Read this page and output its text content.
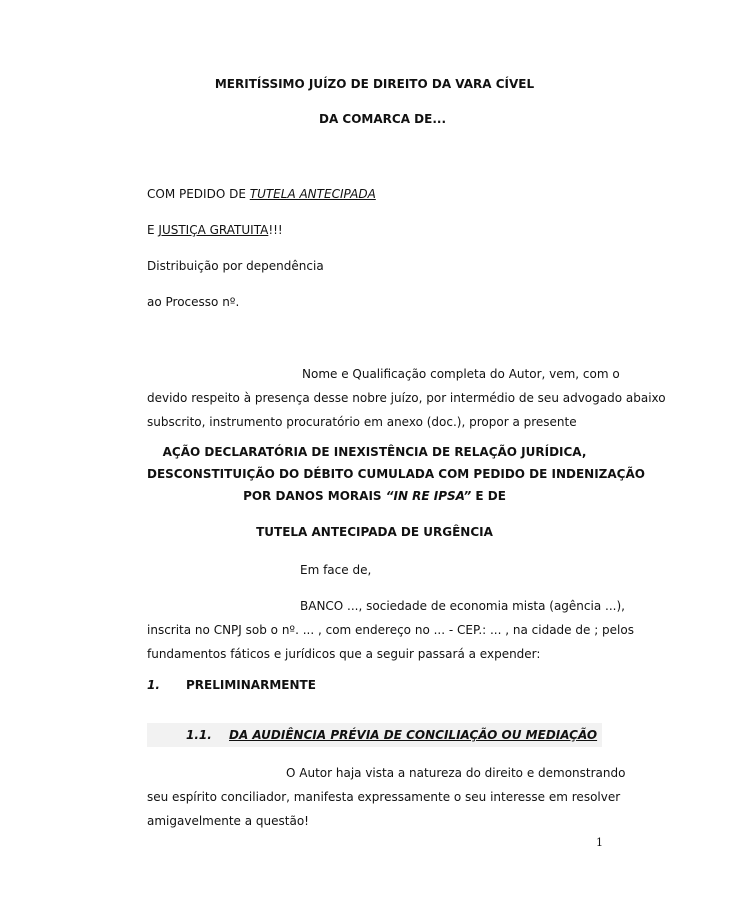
MERITÍSSIMO JUÍZO DE DIREITO DA VARA CÍVEL
DA COMARCA DE...
COM PEDIDO DE TUTELA ANTECIPADA
E JUSTIÇA GRATUITA!!!
Distribuição por dependência
ao Processo nº.
Nome e Qualificação completa do Autor, vem, com o
devido respeito à presença desse nobre juízo, por intermédio de seu advogado abaixo
subscrito, instrumento procuratório em anexo (doc.), propor a presente
AÇÃO DECLARATÓRIA DE INEXISTÊNCIA DE RELAÇÃO JURÍDICA,
DESCONSTITUIÇÃO DO DÉBITO CUMULADA COM PEDIDO DE INDENIZAÇÃO
POR DANOS MORAIS “IN RE IPSA” E DE
TUTELA ANTECIPADA DE URGÊNCIA
Em face de,
BANCO ..., sociedade de economia mista (agência ...),
inscrita no CNPJ sob o nº. ... , com endereço no ... - CEP.: ... , na cidade de ; pelos
fundamentos fáticos e jurídicos que a seguir passará a expender:
1. PRELIMINARMENTE
1.1. DA AUDIÊNCIA PRÉVIA DE CONCILIAÇÃO OU MEDIAÇÃO
O Autor haja vista a natureza do direito e demonstrando
seu espírito conciliador, manifesta expressamente o seu interesse em resolver
amigavelmente a questão!
1
